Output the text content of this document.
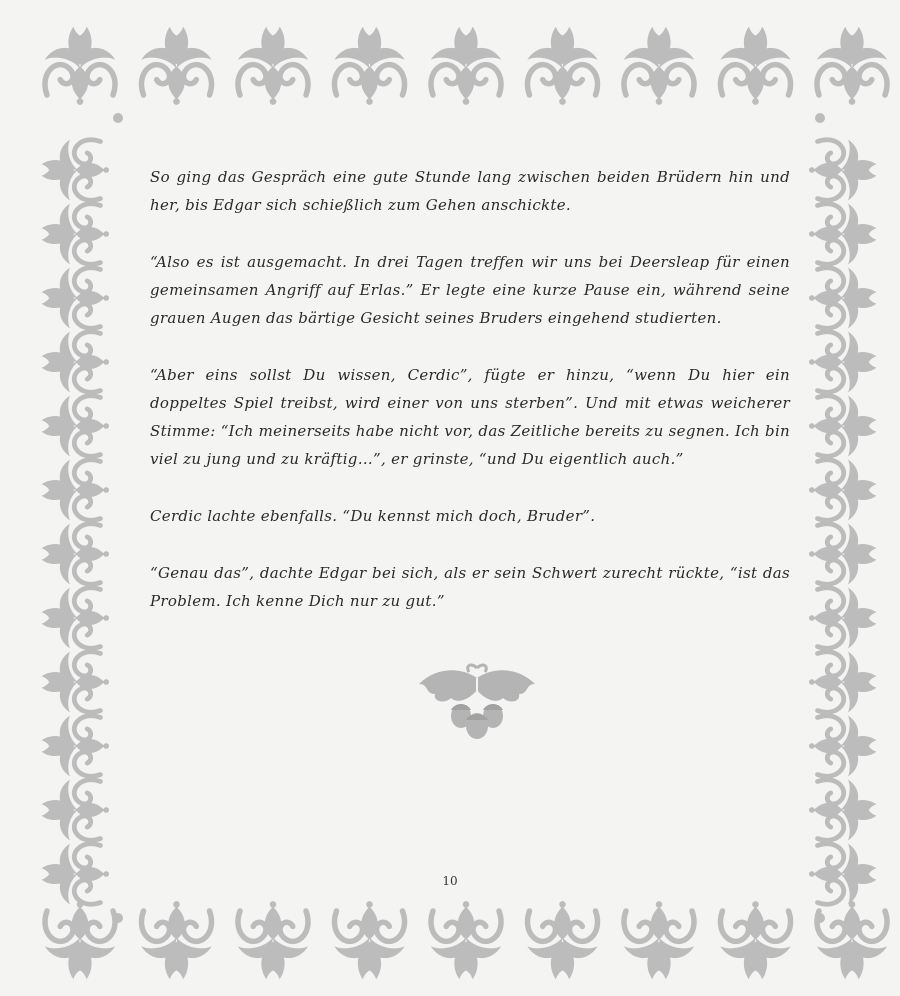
So ging das Gespräch eine gute Stunde lang zwischen beiden Brüdern hin und her, bis Edgar sich schießlich zum Gehen anschickte.

“Also es ist ausgemacht. In drei Tagen treffen wir uns bei Deersleap für einen gemeinsamen Angriff auf Erlas.” Er legte eine kurze Pause ein, während seine grauen Augen das bärtige Gesicht seines Bruders eingehend studierten.

“Aber eins sollst Du wissen, Cerdic”, fügte er hinzu, “wenn Du hier ein doppeltes Spiel treibst, wird einer von uns sterben”. Und mit etwas weicherer Stimme: “Ich meinerseits habe nicht vor, das Zeitliche bereits zu segnen. Ich bin viel zu jung und zu kräftig…”, er grinste, “und Du eigentlich auch.”

Cerdic lachte ebenfalls. “Du kennst mich doch, Bruder”.

“Genau das”, dachte Edgar bei sich, als er sein Schwert zurecht rückte, “ist das Problem. Ich kenne Dich nur zu gut.”

10
